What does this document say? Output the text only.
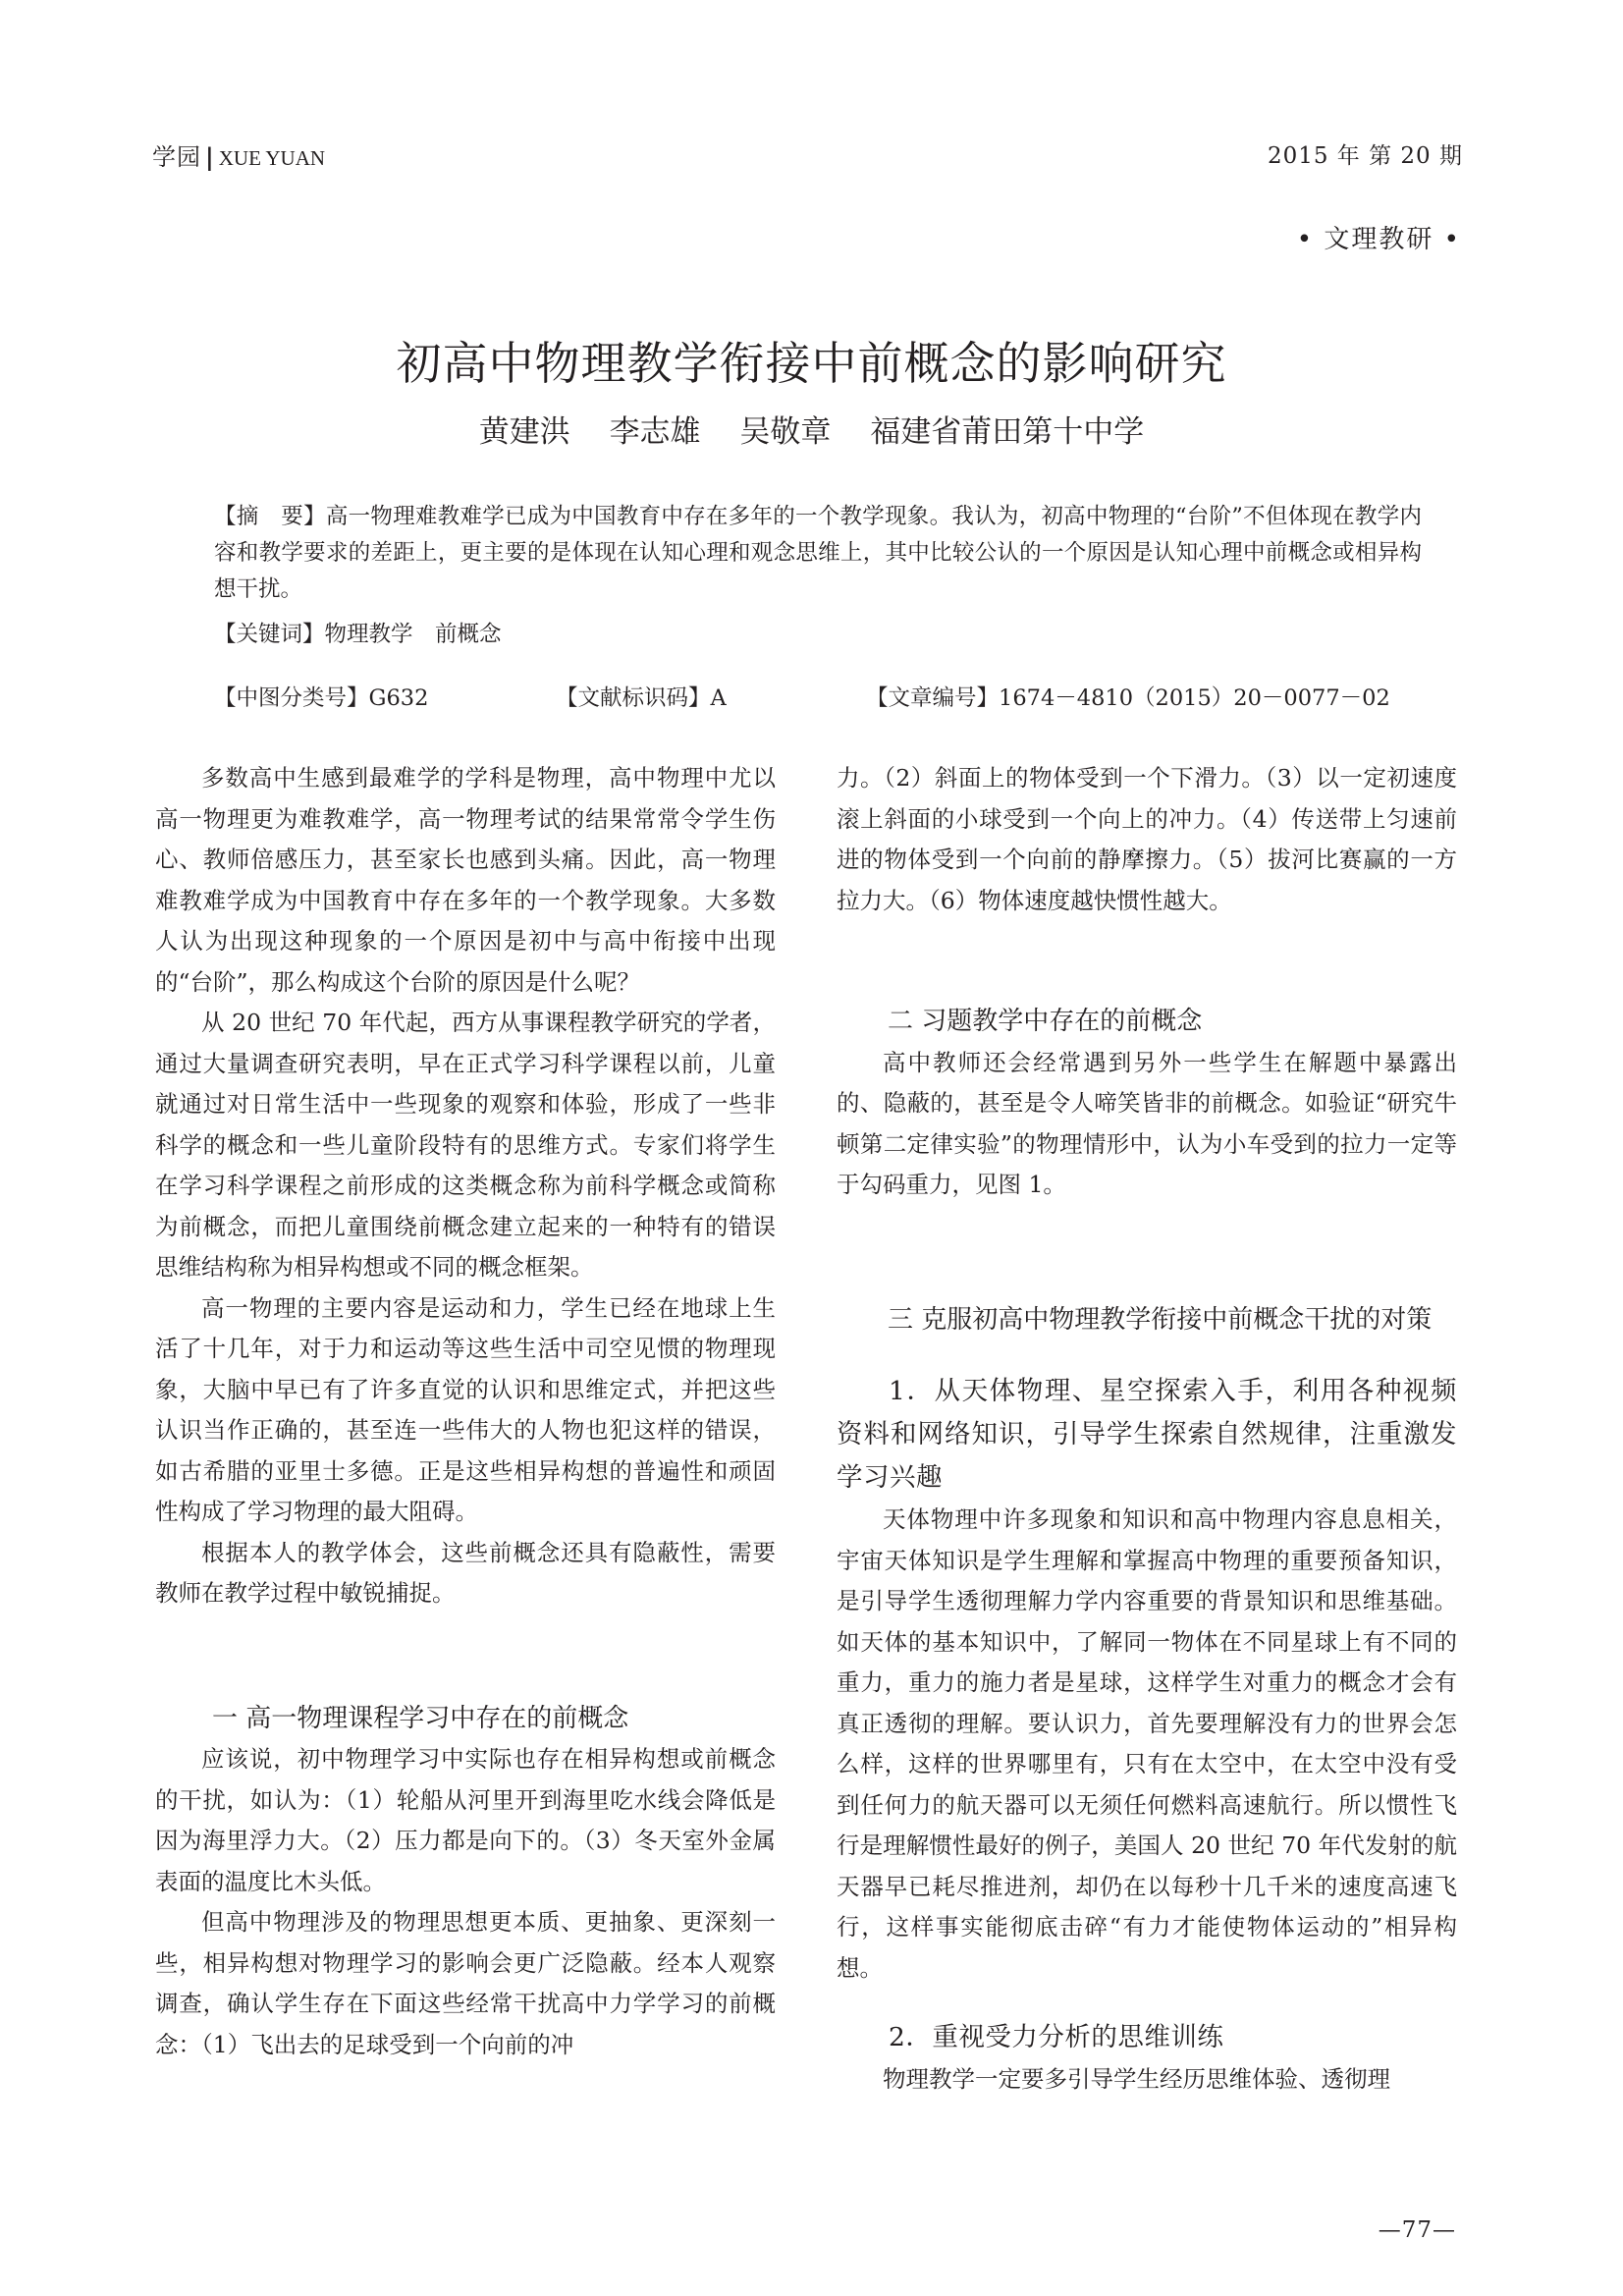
学园 | XUE YUAN	2015 年 第 20 期
• 文理教研 •
初高中物理教学衔接中前概念的影响研究
黄建洪 李志雄 吴敬章 福建省莆田第十中学
【摘　要】高一物理难教难学已成为中国教育中存在多年的一个教学现象。我认为，初高中物理的“台阶”不但体现在教学内容和教学要求的差距上，更主要的是体现在认知心理和观念思维上，其中比较公认的一个原因是认知心理中前概念或相异构想干扰。
【关键词】物理教学　前概念
【中图分类号】G632	【文献标识码】A	【文章编号】1674－4810（2015）20－0077－02

多数高中生感到最难学的学科是物理，高中物理中尤以高一物理更为难教难学，高一物理考试的结果常常令学生伤心、教师倍感压力，甚至家长也感到头痛。因此，高一物理难教难学成为中国教育中存在多年的一个教学现象。大多数人认为出现这种现象的一个原因是初中与高中衔接中出现的“台阶”，那么构成这个台阶的原因是什么呢？

从 20 世纪 70 年代起，西方从事课程教学研究的学者，通过大量调查研究表明，早在正式学习科学课程以前，儿童就通过对日常生活中一些现象的观察和体验，形成了一些非科学的概念和一些儿童阶段特有的思维方式。专家们将学生在学习科学课程之前形成的这类概念称为前科学概念或简称为前概念，而把儿童围绕前概念建立起来的一种特有的错误思维结构称为相异构想或不同的概念框架。

高一物理的主要内容是运动和力，学生已经在地球上生活了十几年，对于力和运动等这些生活中司空见惯的物理现象，大脑中早已有了许多直觉的认识和思维定式，并把这些认识当作正确的，甚至连一些伟大的人物也犯这样的错误，如古希腊的亚里士多德。正是这些相异构想的普遍性和顽固性构成了学习物理的最大阻碍。

根据本人的教学体会，这些前概念还具有隐蔽性，需要教师在教学过程中敏锐捕捉。

一 高一物理课程学习中存在的前概念

应该说，初中物理学习中实际也存在相异构想或前概念的干扰，如认为：（1）轮船从河里开到海里吃水线会降低是因为海里浮力大。（2）压力都是向下的。（3）冬天室外金属表面的温度比木头低。

但高中物理涉及的物理思想更本质、更抽象、更深刻一些，相异构想对物理学习的影响会更广泛隐蔽。经本人观察调查，确认学生存在下面这些经常干扰高中力学学习的前概念：（1）飞出去的足球受到一个向前的冲

力。（2）斜面上的物体受到一个下滑力。（3）以一定初速度滚上斜面的小球受到一个向上的冲力。（4）传送带上匀速前进的物体受到一个向前的静摩擦力。（5）拔河比赛赢的一方拉力大。（6）物体速度越快惯性越大。

二 习题教学中存在的前概念

高中教师还会经常遇到另外一些学生在解题中暴露出的、隐蔽的，甚至是令人啼笑皆非的前概念。如验证“研究牛顿第二定律实验”的物理情形中，认为小车受到的拉力一定等于勾码重力，见图 1。

三 克服初高中物理教学衔接中前概念干扰的对策
1．从天体物理、星空探索入手，利用各种视频资料和网络知识，引导学生探索自然规律，注重激发学习兴趣

天体物理中许多现象和知识和高中物理内容息息相关，宇宙天体知识是学生理解和掌握高中物理的重要预备知识，是引导学生透彻理解力学内容重要的背景知识和思维基础。如天体的基本知识中，了解同一物体在不同星球上有不同的重力，重力的施力者是星球，这样学生对重力的概念才会有真正透彻的理解。要认识力，首先要理解没有力的世界会怎么样，这样的世界哪里有，只有在太空中，在太空中没有受到任何力的航天器可以无须任何燃料高速航行。所以惯性飞行是理解惯性最好的例子，美国人 20 世纪 70 年代发射的航天器早已耗尽推进剂，却仍在以每秒十几千米的速度高速飞行，这样事实能彻底击碎“有力才能使物体运动的”相异构想。

2．重视受力分析的思维训练

物理教学一定要多引导学生经历思维体验、透彻理

—77—
